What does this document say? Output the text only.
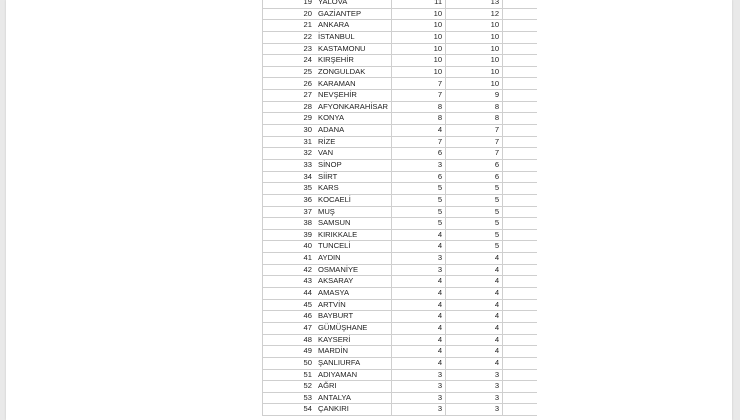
19	YALOVA	11	13	
20	GAZİANTEP	10	12	
21	ANKARA	10	10	
22	İSTANBUL	10	10	
23	KASTAMONU	10	10	
24	KIRŞEHİR	10	10	
25	ZONGULDAK	10	10	
26	KARAMAN	7	10	
27	NEVŞEHİR	7	9	
28	AFYONKARAHİSAR	8	8	
29	KONYA	8	8	
30	ADANA	4	7	
31	RİZE	7	7	
32	VAN	6	7	
33	SİNOP	3	6	
34	SİİRT	6	6	
35	KARS	5	5	
36	KOCAELİ	5	5	
37	MUŞ	5	5	
38	SAMSUN	5	5	
39	KIRIKKALE	4	5	
40	TUNCELİ	4	5	
41	AYDIN	3	4	
42	OSMANİYE	3	4	
43	AKSARAY	4	4	
44	AMASYA	4	4	
45	ARTVİN	4	4	
46	BAYBURT	4	4	
47	GÜMÜŞHANE	4	4	
48	KAYSERİ	4	4	
49	MARDİN	4	4	
50	ŞANLIURFA	4	4	
51	ADIYAMAN	3	3	
52	AĞRI	3	3	
53	ANTALYA	3	3	
54	ÇANKIRI	3	3	
